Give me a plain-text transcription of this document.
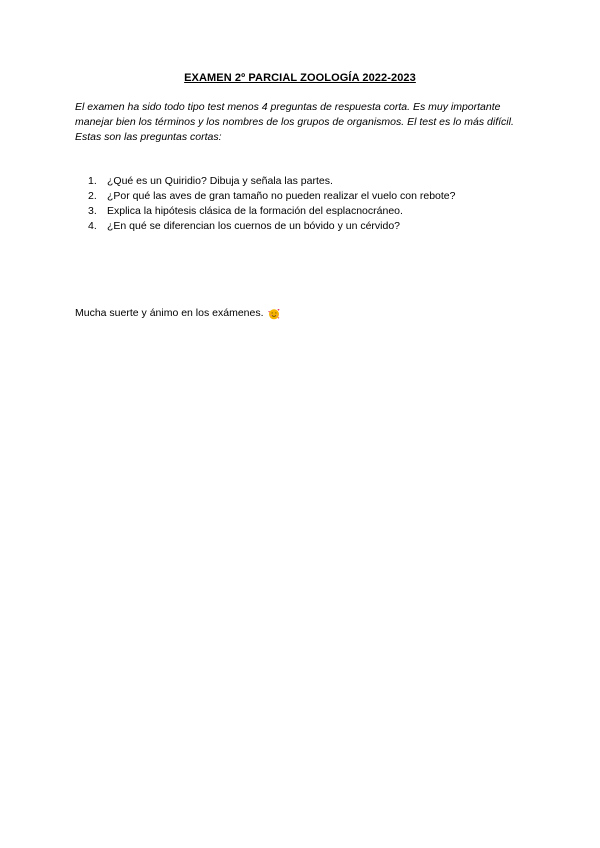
EXAMEN 2º PARCIAL ZOOLOGÍA 2022-2023
El examen ha sido todo tipo test menos 4 preguntas de respuesta corta. Es muy importante manejar bien los términos y los nombres de los grupos de organismos. El test es lo más difícil. Estas son las preguntas cortas:
1. ¿Qué es un Quiridio? Dibuja y señala las partes.
2. ¿Por qué las aves de gran tamaño no pueden realizar el vuelo con rebote?
3. Explica la hipótesis clásica de la formación del esplacnocráneo.
4. ¿En qué se diferencian los cuernos de un bóvido y un cérvido?
Mucha suerte y ánimo en los exámenes.
